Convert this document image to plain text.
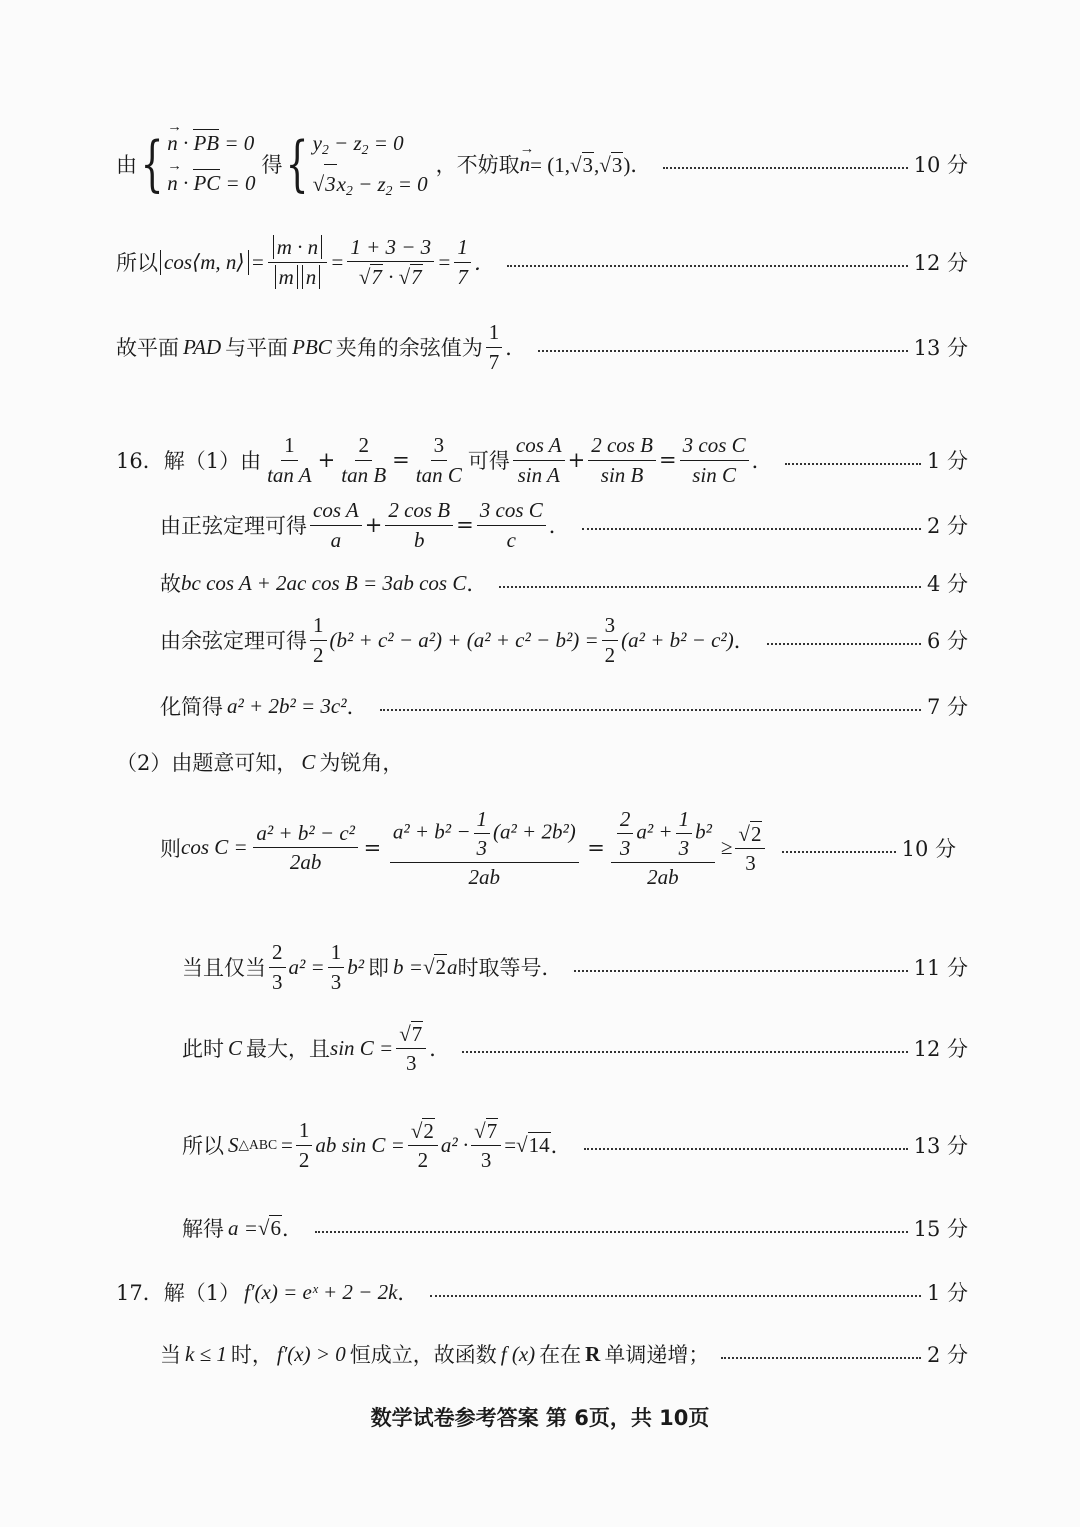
由 { → n · PB = 0
→ n · PC = 0
得 { $y_2 - z_2 = 0$
√ 3 $x_2 - z_2 = 0$
，不妨取 → n = (1, √ 3 , √ 3 )．	10 分
所以 cos⟨m, n⟩ = $\frac{m \cdot n}{\text{m n}} = \frac{1 + 3 - 3}{√ 7 \cdot √ 7} = \frac{1}{7}$ ．	12 分
故平面 PAD 与平面 PBC 夹角的余弦值为 $\frac{1}{7}$ ．	13 分
16．解（1）由 $\frac{1}{\text{tan A}} + \frac{2}{\text{tan B}} = \frac{3}{\text{tan C}}$ 可得 $\frac{\text{cos A}}{\text{sin A}} + \frac{\text{2 cos B}}{\text{sin B}} = \frac{\text{3 cos C}}{\text{sin C}}$ ．	1 分
由正弦定理可得 $\frac{\text{cos A}}{a} + \frac{\text{2 cos B}}{b} = \frac{\text{3 cos C}}{c}$ ．	2 分
故 bc cos A + 2ac cos B = 3ab cos C ．	4 分
由余弦定理可得 $\frac{1}{2} (b^2 + c^2 - a^2) + (a^2 + c^2 - b^2) = \frac{3}{2} (a^2 + b^2 - c^2)$ ．	6 分
化简得 a² + 2b² = 3c² ．	7 分
（2）由题意可知， C 为锐角，
则 $\cos C = \frac{\text{a² + b² − c²}}{2ab} = \frac{a^2 + b^2 - \frac{1}{3} (a^2 + 2b^2)}{2ab} = \frac{\frac{2}{3} a^2 + \frac{1}{3} b^2}{2ab} \ge \frac{√ 2}{3}$	10 分
当且仅当 $\frac{2}{3} a^2 = \frac{1}{3} b^2$ 即 b = √ 2 a 时取等号．	11 分
此时 C 最大，且 $\sin C = \frac{√ 7}{3}$ ．	12 分
所以 S △ABC = $\frac{1}{2}$ ab $\sin C = \frac{√ 2}{2} a^2 \cdot \frac{√ 7}{3}$ = √ 14 ．	13 分
解得 a = √ 6 ．	15 分
17．解（1） f′(x) = eˣ + 2 − 2k ．	1 分
当 k ≤ 1 时， f′(x) > 0 恒成立，故函数 f (x) 在在 R 单调递增；	2 分
数学试卷参考答案 第 6页，共 10页
